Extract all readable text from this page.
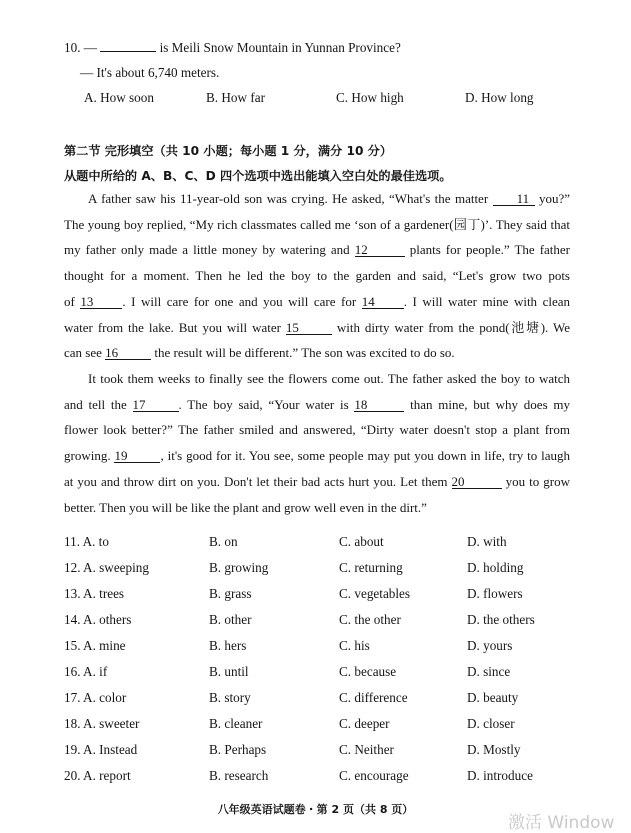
10. —	is Meili Snow Mountain in Yunnan Province?
— It's about 6,740 meters.
A. How soon	B. How far	C. How high	D. How long
第二节 完形填空（共 10 小题；每小题 1 分，满分 10 分）
从题中所给的 A、B、C、D 四个选项中选出能填入空白处的最佳选项。
A father saw his 11-year-old son was crying. He asked, “What's the matter 11 you?”
The young boy replied, “My rich classmates called me ‘son of a gardener(园丁)’. They said that
my father only made a little money by watering and 12	plants for people.” The father
thought for a moment. Then he led the boy to the garden and said, “Let's grow two pots
of 13 . I will care for one and you will care for 14 . I will water mine with clean
water from the lake. But you will water 15	with dirty water from the pond(池塘). We
can see 16	the result will be different.” The son was excited to do so.
It took them weeks to finally see the flowers come out. The father asked the boy to watch
and tell the 17	. The boy said, “Your water is 18	than mine, but why does my
flower look better?” The father smiled and answered, “Dirty water doesn't stop a plant from
growing. 19	, it's good for it. You see, some people may put you down in life, try to laugh
at you and throw dirt on you. Don't let their bad acts hurt you. Let them 20	you to grow
better. Then you will be like the plant and grow well even in the dirt.”
11. A. to	B. on	C. about	D. with
12. A. sweeping	B. growing	C. returning	D. holding
13. A. trees	B. grass	C. vegetables	D. flowers
14. A. others	B. other	C. the other	D. the others
15. A. mine	B. hers	C. his	D. yours
16. A. if	B. until	C. because	D. since
17. A. color	B. story	C. difference	D. beauty
18. A. sweeter	B. cleaner	C. deeper	D. closer
19. A. Instead	B. Perhaps	C. Neither	D. Mostly
20. A. report	B. research	C. encourage	D. introduce
八年级英语试题卷・第 2 页（共 8 页）
激活 Window
